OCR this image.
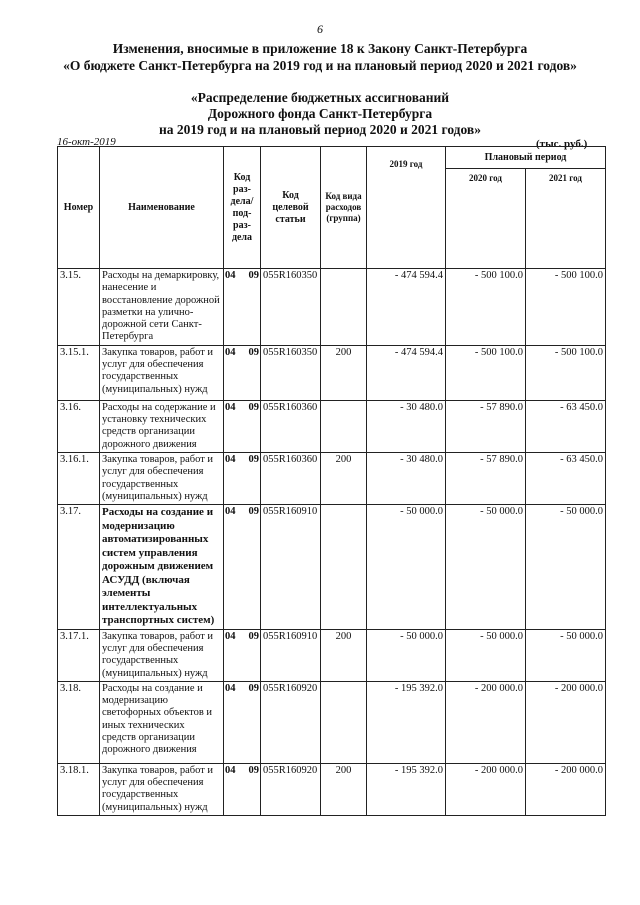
6
Изменения, вносимые в приложение 18 к Закону Санкт-Петербурга
«О бюджете Санкт-Петербурга на 2019 год и на плановый период 2020 и 2021 годов»
«Распределение бюджетных ассигнований
Дорожного фонда Санкт-Петербурга
на 2019 год и на плановый период 2020 и 2021 годов»
16-окт-2019	(тыс. руб.)
Номер	Наименование	Код раз- дела/ под- раз- дела	Код целевой статьи	Код вида расходов (группа)	2019 год	Плановый период	
						2020 год	2021 год
3.15.	Расходы на демаркировку, нанесение и восстановление дорожной разметки на улично-дорожной сети Санкт-Петербурга	04 09	055R160350		- 474 594.4	- 500 100.0	- 500 100.0
3.15.1.	Закупка товаров, работ и услуг для обеспечения государственных (муниципальных) нужд	04 09	055R160350	200	- 474 594.4	- 500 100.0	- 500 100.0
3.16.	Расходы на содержание и установку технических средств организации дорожного движения	04 09	055R160360		- 30 480.0	- 57 890.0	- 63 450.0
3.16.1.	Закупка товаров, работ и услуг для обеспечения государственных (муниципальных) нужд	04 09	055R160360	200	- 30 480.0	- 57 890.0	- 63 450.0
3.17.	Расходы на создание и модернизацию автоматизированных систем управления дорожным движением АСУДД (включая элементы интеллектуальных транспортных систем)	04 09	055R160910		- 50 000.0	- 50 000.0	- 50 000.0
3.17.1.	Закупка товаров, работ и услуг для обеспечения государственных (муниципальных) нужд	04 09	055R160910	200	- 50 000.0	- 50 000.0	- 50 000.0
3.18.	Расходы на создание и модернизацию светофорных объектов и иных технических средств организации дорожного движения	04 09	055R160920		- 195 392.0	- 200 000.0	- 200 000.0
3.18.1.	Закупка товаров, работ и услуг для обеспечения государственных (муниципальных) нужд	04 09	055R160920	200	- 195 392.0	- 200 000.0	- 200 000.0
